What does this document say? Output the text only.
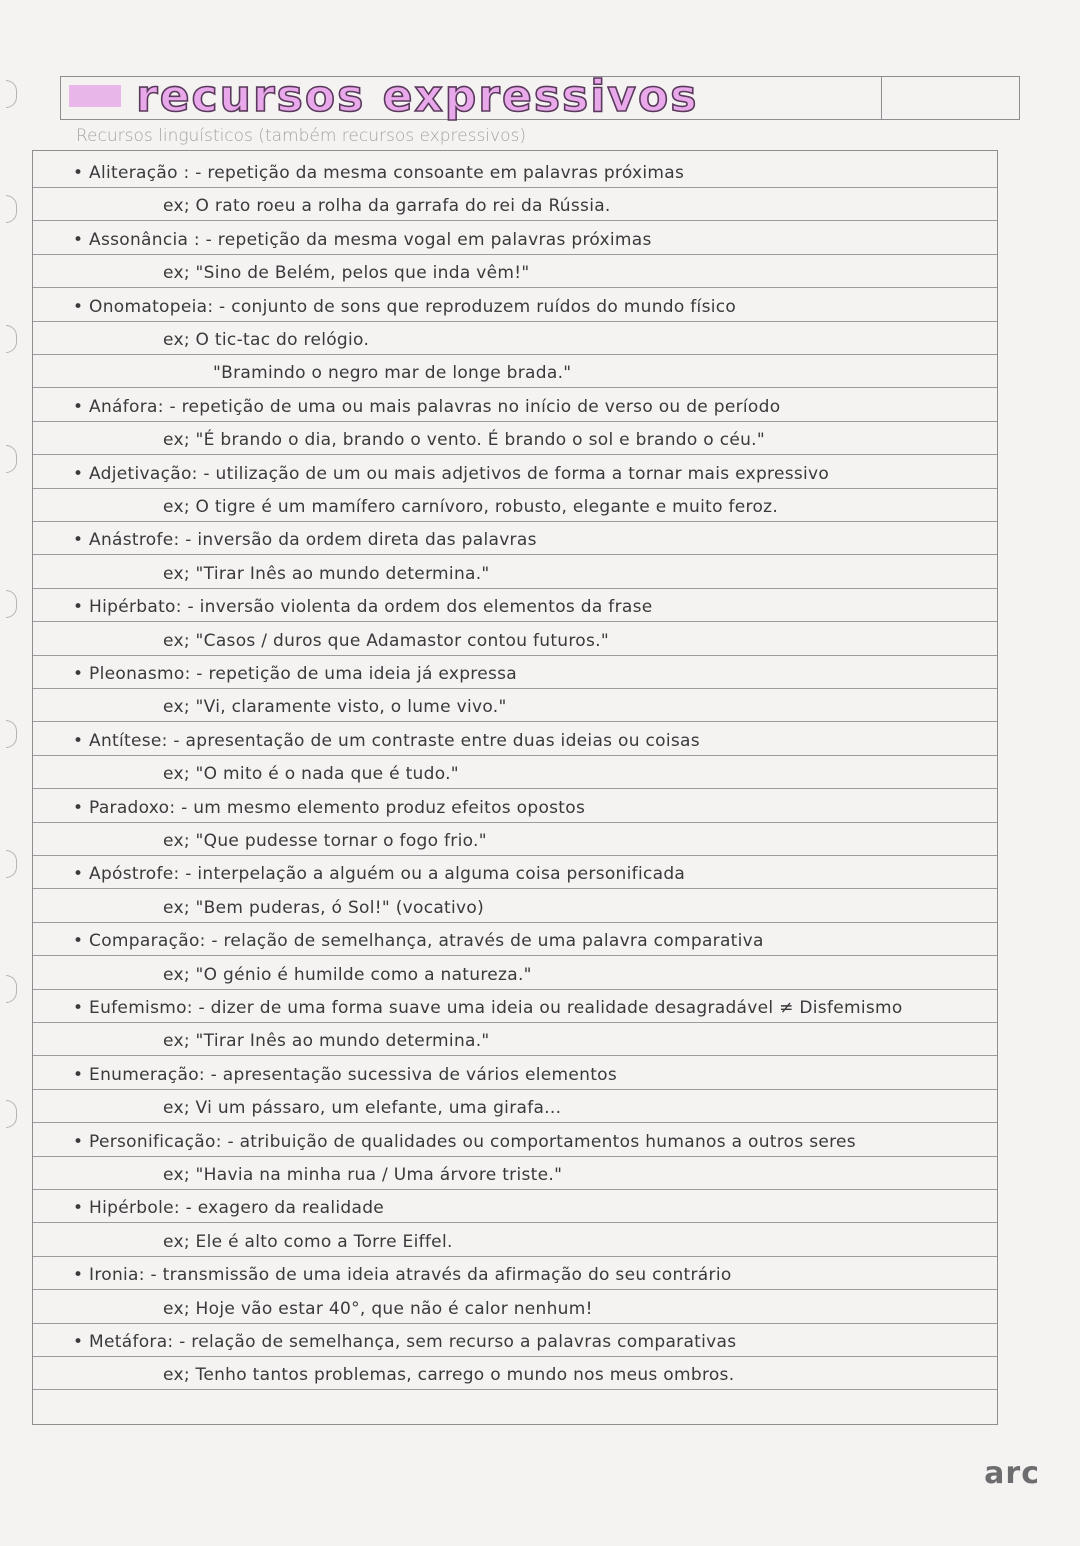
recursos expressivos
Recursos linguísticos (também recursos expressivos)
• Aliteração : - repetição da mesma consoante em palavras próximas
ex; O rato roeu a rolha da garrafa do rei da Rússia.
• Assonância : - repetição da mesma vogal em palavras próximas
ex; "Sino de Belém, pelos que inda vêm!"
• Onomatopeia: - conjunto de sons que reproduzem ruídos do mundo físico
ex; O tic-tac do relógio.
"Bramindo o negro mar de longe brada."
• Anáfora: - repetição de uma ou mais palavras no início de verso ou de período
ex; "É brando o dia, brando o vento. É brando o sol e brando o céu."
• Adjetivação: - utilização de um ou mais adjetivos de forma a tornar mais expressivo
ex; O tigre é um mamífero carnívoro, robusto, elegante e muito feroz.
• Anástrofe: - inversão da ordem direta das palavras
ex; "Tirar Inês ao mundo determina."
• Hipérbato: - inversão violenta da ordem dos elementos da frase
ex; "Casos / duros que Adamastor contou futuros."
• Pleonasmo: - repetição de uma ideia já expressa
ex; "Vi, claramente visto, o lume vivo."
• Antítese: - apresentação de um contraste entre duas ideias ou coisas
ex; "O mito é o nada que é tudo."
• Paradoxo: - um mesmo elemento produz efeitos opostos
ex; "Que pudesse tornar o fogo frio."
• Apóstrofe: - interpelação a alguém ou a alguma coisa personificada
ex; "Bem puderas, ó Sol!" (vocativo)
• Comparação: - relação de semelhança, através de uma palavra comparativa
ex; "O génio é humilde como a natureza."
• Eufemismo: - dizer de uma forma suave uma ideia ou realidade desagradável ≠ Disfemismo
ex; "Tirar Inês ao mundo determina."
• Enumeração: - apresentação sucessiva de vários elementos
ex; Vi um pássaro, um elefante, uma girafa...
• Personificação: - atribuição de qualidades ou comportamentos humanos a outros seres
ex; "Havia na minha rua / Uma árvore triste."
• Hipérbole: - exagero da realidade
ex; Ele é alto como a Torre Eiffel.
• Ironia: - transmissão de uma ideia através da afirmação do seu contrário
ex; Hoje vão estar 40°, que não é calor nenhum!
• Metáfora: - relação de semelhança, sem recurso a palavras comparativas
ex; Tenho tantos problemas, carrego o mundo nos meus ombros.
arc
